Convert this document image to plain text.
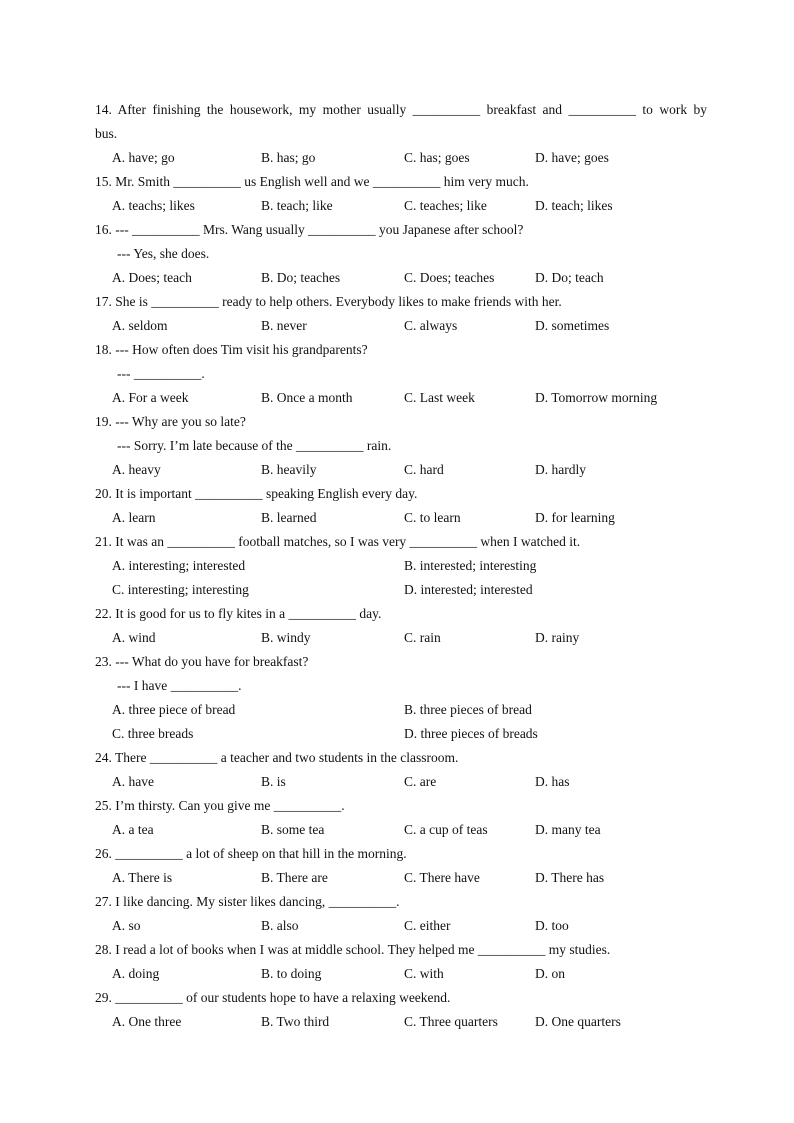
14. After finishing the housework, my mother usually __________ breakfast and __________ to work by bus.
A. have; go	B. has; go	C. has; goes	D. have; goes
15. Mr. Smith __________ us English well and we __________ him very much.
A. teachs; likes	B. teach; like	C. teaches; like	D. teach; likes
16. --- __________ Mrs. Wang usually __________ you Japanese after school?
--- Yes, she does.
A. Does; teach	B. Do; teaches	C. Does; teaches	D. Do; teach
17. She is __________ ready to help others. Everybody likes to make friends with her.
A. seldom	B. never	C. always	D. sometimes
18. --- How often does Tim visit his grandparents?
--- __________.
A. For a week	B. Once a month	C. Last week	D. Tomorrow morning
19. --- Why are you so late?
--- Sorry. I’m late because of the __________ rain.
A. heavy	B. heavily	C. hard	D. hardly
20. It is important __________ speaking English every day.
A. learn	B. learned	C. to learn	D. for learning
21. It was an __________ football matches, so I was very __________ when I watched it.
A. interesting; interested	B. interested; interesting
C. interesting; interesting	D. interested; interested
22. It is good for us to fly kites in a __________ day.
A. wind	B. windy	C. rain	D. rainy
23. --- What do you have for breakfast?
--- I have __________.
A. three piece of bread	B. three pieces of bread
C. three breads	D. three pieces of breads
24. There __________ a teacher and two students in the classroom.
A. have	B. is	C. are	D. has
25. I’m thirsty. Can you give me __________.
A. a tea	B. some tea	C. a cup of teas	D. many tea
26. __________ a lot of sheep on that hill in the morning.
A. There is	B. There are	C. There have	D. There has
27. I like dancing. My sister likes dancing, __________.
A. so	B. also	C. either	D. too
28. I read a lot of books when I was at middle school. They helped me __________ my studies.
A. doing	B. to doing	C. with	D. on
29. __________ of our students hope to have a relaxing weekend.
A. One three	B. Two third	C. Three quarters	D. One quarters
